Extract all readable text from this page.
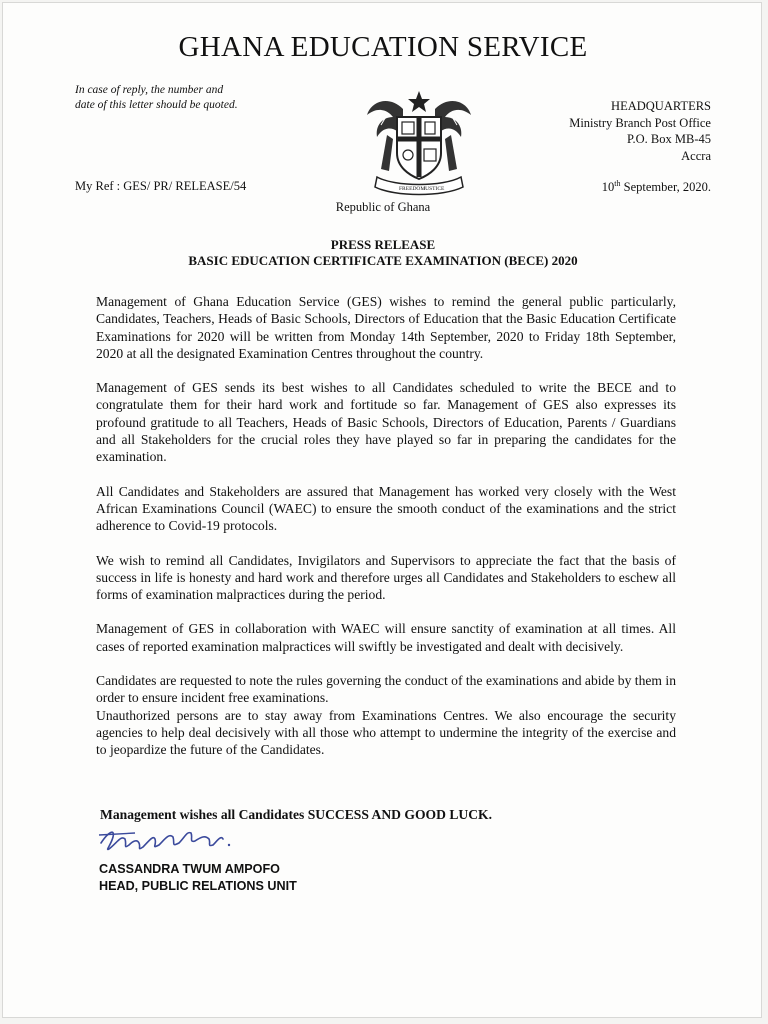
GHANA EDUCATION SERVICE
In case of reply, the number and
date of this letter should be quoted.	HEADQUARTERS
Ministry Branch Post Office
P.O. Box MB-45
Accra
FREEDOM
JUSTICE
My Ref : GES/ PR/ RELEASE/54	10th September, 2020.
Republic of Ghana
PRESS RELEASE
BASIC EDUCATION CERTIFICATE EXAMINATION (BECE) 2020

Management of Ghana Education Service (GES) wishes to remind the general public particularly, Candidates, Teachers, Heads of Basic Schools, Directors of Education that the Basic Education Certificate Examinations for 2020 will be written from Monday 14th September, 2020 to Friday 18th September, 2020 at all the designated Examination Centres throughout the country.

Management of GES sends its best wishes to all Candidates scheduled to write the BECE and to congratulate them for their hard work and fortitude so far. Management of GES also expresses its profound gratitude to all Teachers, Heads of Basic Schools, Directors of Education, Parents / Guardians and all Stakeholders for the crucial roles they have played so far in preparing the candidates for the examination.

All Candidates and Stakeholders are assured that Management has worked very closely with the West African Examinations Council (WAEC) to ensure the smooth conduct of the examinations and the strict adherence to Covid-19 protocols.

We wish to remind all Candidates, Invigilators and Supervisors to appreciate the fact that the basis of success in life is honesty and hard work and therefore urges all Candidates and Stakeholders to eschew all forms of examination malpractices during the period.

Management of GES in collaboration with WAEC will ensure sanctity of examination at all times. All cases of reported examination malpractices will swiftly be investigated and dealt with decisively.

Candidates are requested to note the rules governing the conduct of the examinations and abide by them in order to ensure incident free examinations.

Unauthorized persons are to stay away from Examinations Centres. We also encourage the security agencies to help deal decisively with all those who attempt to undermine the integrity of the exercise and to jeopardize the future of the Candidates.

Management wishes all Candidates SUCCESS AND GOOD LUCK.
CASSANDRA TWUM AMPOFO
HEAD, PUBLIC RELATIONS UNIT
